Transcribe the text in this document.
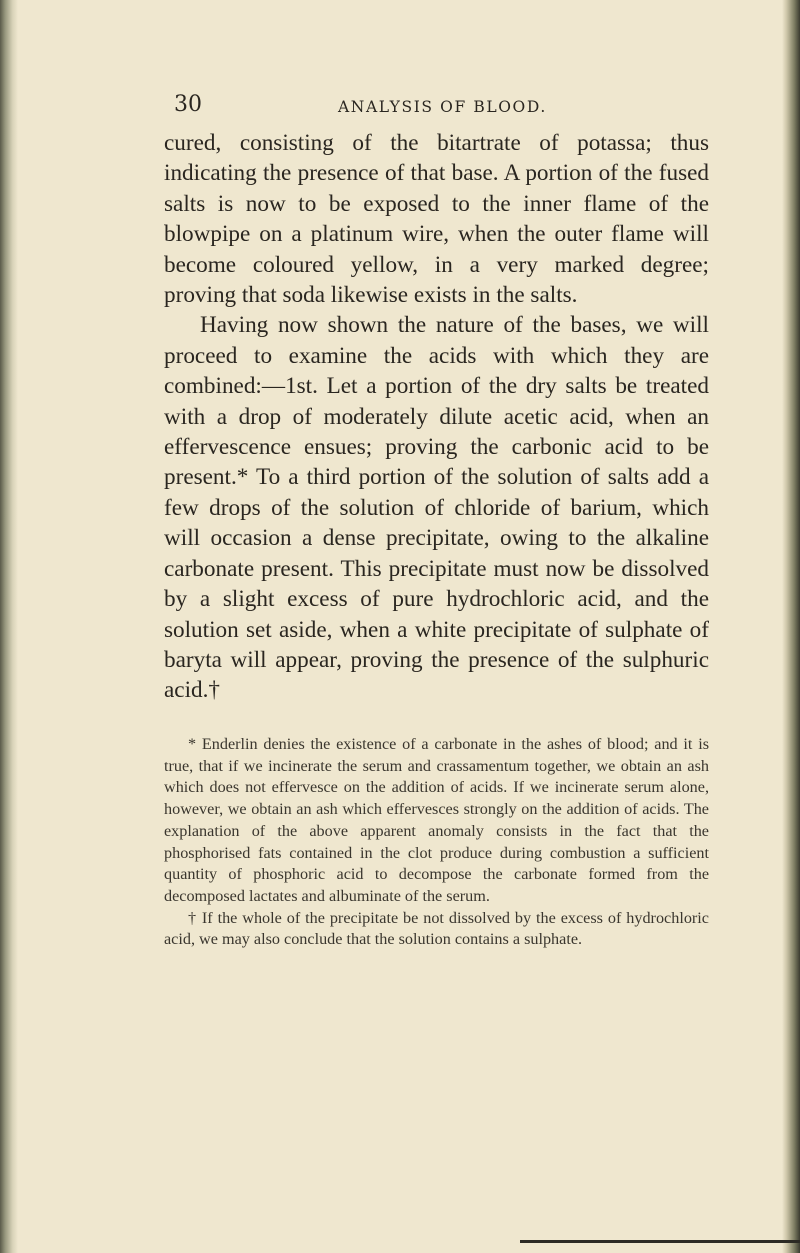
30	ANALYSIS OF BLOOD.

cured, consisting of the bitartrate of potassa; thus indicating the presence of that base. A portion of the fused salts is now to be exposed to the inner flame of the blowpipe on a platinum wire, when the outer flame will become coloured yellow, in a very marked degree; proving that soda likewise exists in the salts.

Having now shown the nature of the bases, we will proceed to examine the acids with which they are combined:—1st. Let a portion of the dry salts be treated with a drop of moderately dilute acetic acid, when an effervescence ensues; proving the carbonic acid to be present.* To a third portion of the solution of salts add a few drops of the solution of chloride of barium, which will occasion a dense precipitate, owing to the alkaline carbonate present. This precipitate must now be dissolved by a slight excess of pure hydrochloric acid, and the solution set aside, when a white precipitate of sulphate of baryta will appear, proving the presence of the sulphuric acid.†

* Enderlin denies the existence of a carbonate in the ashes of blood; and it is true, that if we incinerate the serum and crassamentum together, we obtain an ash which does not effervesce on the addition of acids. If we incinerate serum alone, however, we obtain an ash which effervesces strongly on the addition of acids. The explanation of the above apparent anomaly consists in the fact that the phosphorised fats contained in the clot produce during combustion a sufficient quantity of phosphoric acid to decompose the carbonate formed from the decomposed lactates and albuminate of the serum.

† If the whole of the precipitate be not dissolved by the excess of hydrochloric acid, we may also conclude that the solution contains a sulphate.
